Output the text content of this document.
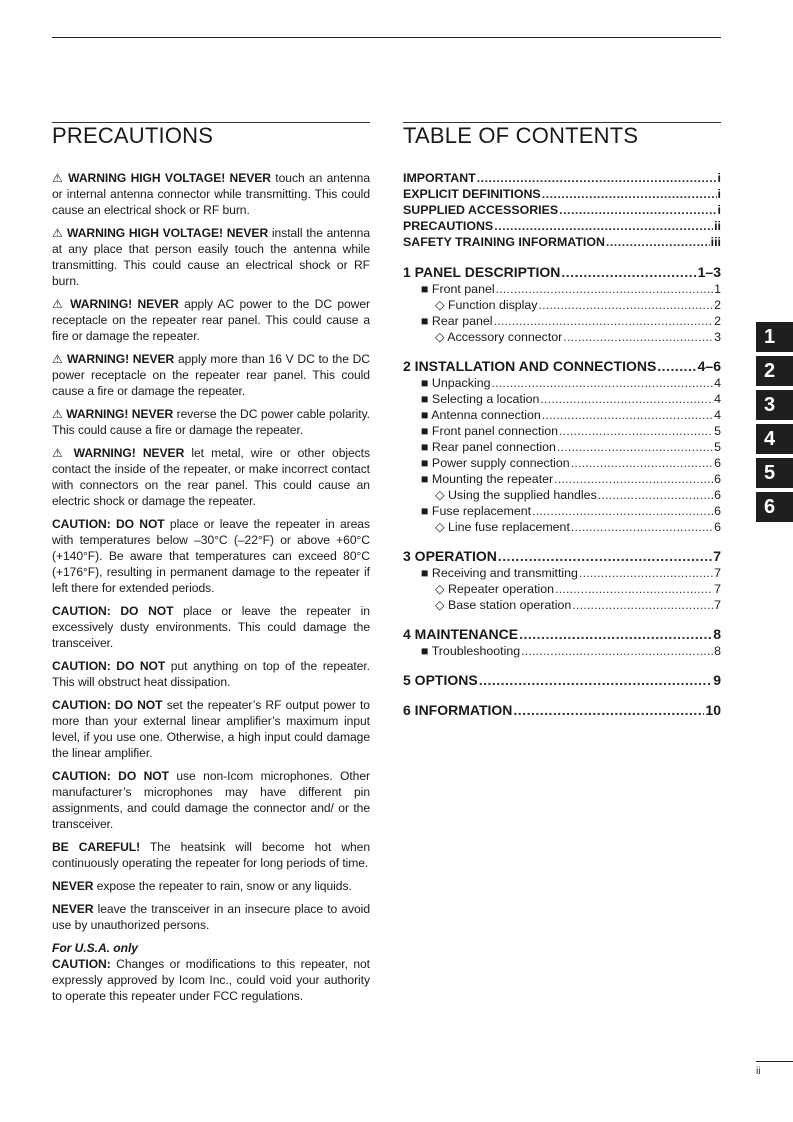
PRECAUTIONS

⚠ WARNING HIGH VOLTAGE! NEVER touch an antenna or internal antenna connector while transmitting. This could cause an electrical shock or RF burn.

⚠ WARNING HIGH VOLTAGE! NEVER install the antenna at any place that person easily touch the antenna while transmitting. This could cause an electrical shock or RF burn.

⚠ WARNING! NEVER apply AC power to the DC power receptacle on the repeater rear panel. This could cause a fire or damage the repeater.

⚠ WARNING! NEVER apply more than 16 V DC to the DC power receptacle on the repeater rear panel. This could cause a fire or damage the repeater.

⚠ WARNING! NEVER reverse the DC power cable polarity. This could cause a fire or damage the repeater.

⚠ WARNING! NEVER let metal, wire or other objects contact the inside of the repeater, or make incorrect contact with connectors on the rear panel. This could cause an electric shock or damage the repeater.

CAUTION: DO NOT place or leave the repeater in areas with temperatures below –30°C (–22°F) or above +60°C (+140°F). Be aware that temperatures can exceed 80°C (+176°F), resulting in permanent damage to the repeater if left there for extended periods.

CAUTION: DO NOT place or leave the repeater in excessively dusty environments. This could damage the transceiver.

CAUTION: DO NOT put anything on top of the repeater. This will obstruct heat dissipation.

CAUTION: DO NOT set the repeater’s RF output power to more than your external linear amplifier’s maximum input level, if you use one. Otherwise, a high input could damage the linear amplifier.

CAUTION: DO NOT use non-Icom microphones. Other manufacturer’s microphones may have different pin assignments, and could damage the connector and/ or the transceiver.

BE CAREFUL! The heatsink will become hot when continuously operating the repeater for long periods of time.

NEVER expose the repeater to rain, snow or any liquids.

NEVER leave the transceiver in an insecure place to avoid use by unauthorized persons.

For U.S.A. only
CAUTION: Changes or modifications to this repeater, not expressly approved by Icom Inc., could void your authority to operate this repeater under FCC regulations.

TABLE OF CONTENTS
IMPORTANT .....	i
EXPLICIT DEFINITIONS .....	i
SUPPLIED ACCESSORIES .....	i
PRECAUTIONS .....	ii
SAFETY TRAINING INFORMATION .....	iii
1 PANEL DESCRIPTION .....	1–3
■ Front panel .....	1
◇ Function display .....	2
■ Rear panel .....	2
◇ Accessory connector .....	3
2 INSTALLATION AND CONNECTIONS .....	4–6
■ Unpacking .....	4
■ Selecting a location .....	4
■ Antenna connection .....	4
■ Front panel connection .....	5
■ Rear panel connection .....	5
■ Power supply connection .....	6
■ Mounting the repeater .....	6
◇ Using the supplied handles .....	6
■ Fuse replacement .....	6
◇ Line fuse replacement .....	6
3 OPERATION .....	7
■ Receiving and transmitting .....	7
◇ Repeater operation .....	7
◇ Base station operation .....	7
4 MAINTENANCE .....	8
■ Troubleshooting .....	8
5 OPTIONS .....	9
6 INFORMATION .....	10
1
2
3
4
5
6
ii
